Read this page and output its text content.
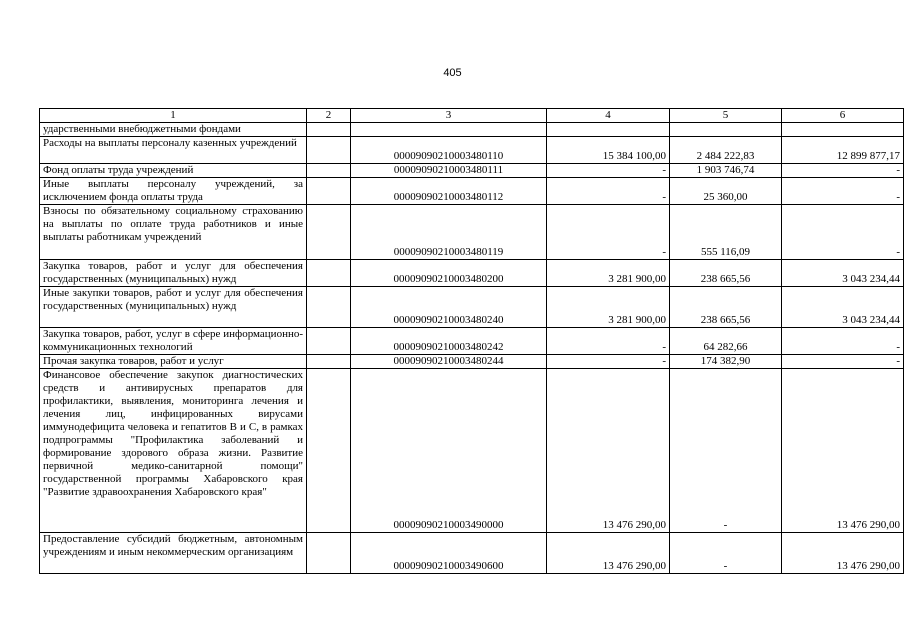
405
1	2	3	4	5	6
ударственными внебюджетными фондами					
Расходы на выплаты персоналу казенных учреждений		00009090210003480110	15 384 100,00	2 484 222,83	12 899 877,17
Фонд оплаты труда учреждений		00009090210003480111	-	1 903 746,74	-
Иные выплаты персоналу учреждений, за исключением фонда оплаты труда		00009090210003480112	-	25 360,00	-
Взносы по обязательному социальному страхованию на выплаты по оплате труда работников и иные выплаты работникам учреждений		00009090210003480119	-	555 116,09	-
Закупка товаров, работ и услуг для обеспечения государственных (муниципальных) нужд		00009090210003480200	3 281 900,00	238 665,56	3 043 234,44
Иные закупки товаров, работ и услуг для обеспечения государственных (муниципальных) нужд		00009090210003480240	3 281 900,00	238 665,56	3 043 234,44
Закупка товаров, работ, услуг в сфере информационно-коммуникационных технологий		00009090210003480242	-	64 282,66	-
Прочая закупка товаров, работ и услуг		00009090210003480244	-	174 382,90	-
Финансовое обеспечение закупок диагностических средств и антивирусных препаратов для профилактики, выявления, мониторинга лечения и лечения лиц, инфицированных вирусами иммунодефицита человека и гепатитов В и С, в рамках подпрограммы "Профилактика заболеваний и формирование здорового образа жизни. Развитие первичной медико-санитарной помощи" государственной программы Хабаровского края "Развитие здравоохранения Хабаровского края"		00009090210003490000	13 476 290,00	-	13 476 290,00
Предоставление субсидий бюджетным, автономным учреждениям и иным некоммерческим организациям		00009090210003490600	13 476 290,00	-	13 476 290,00
